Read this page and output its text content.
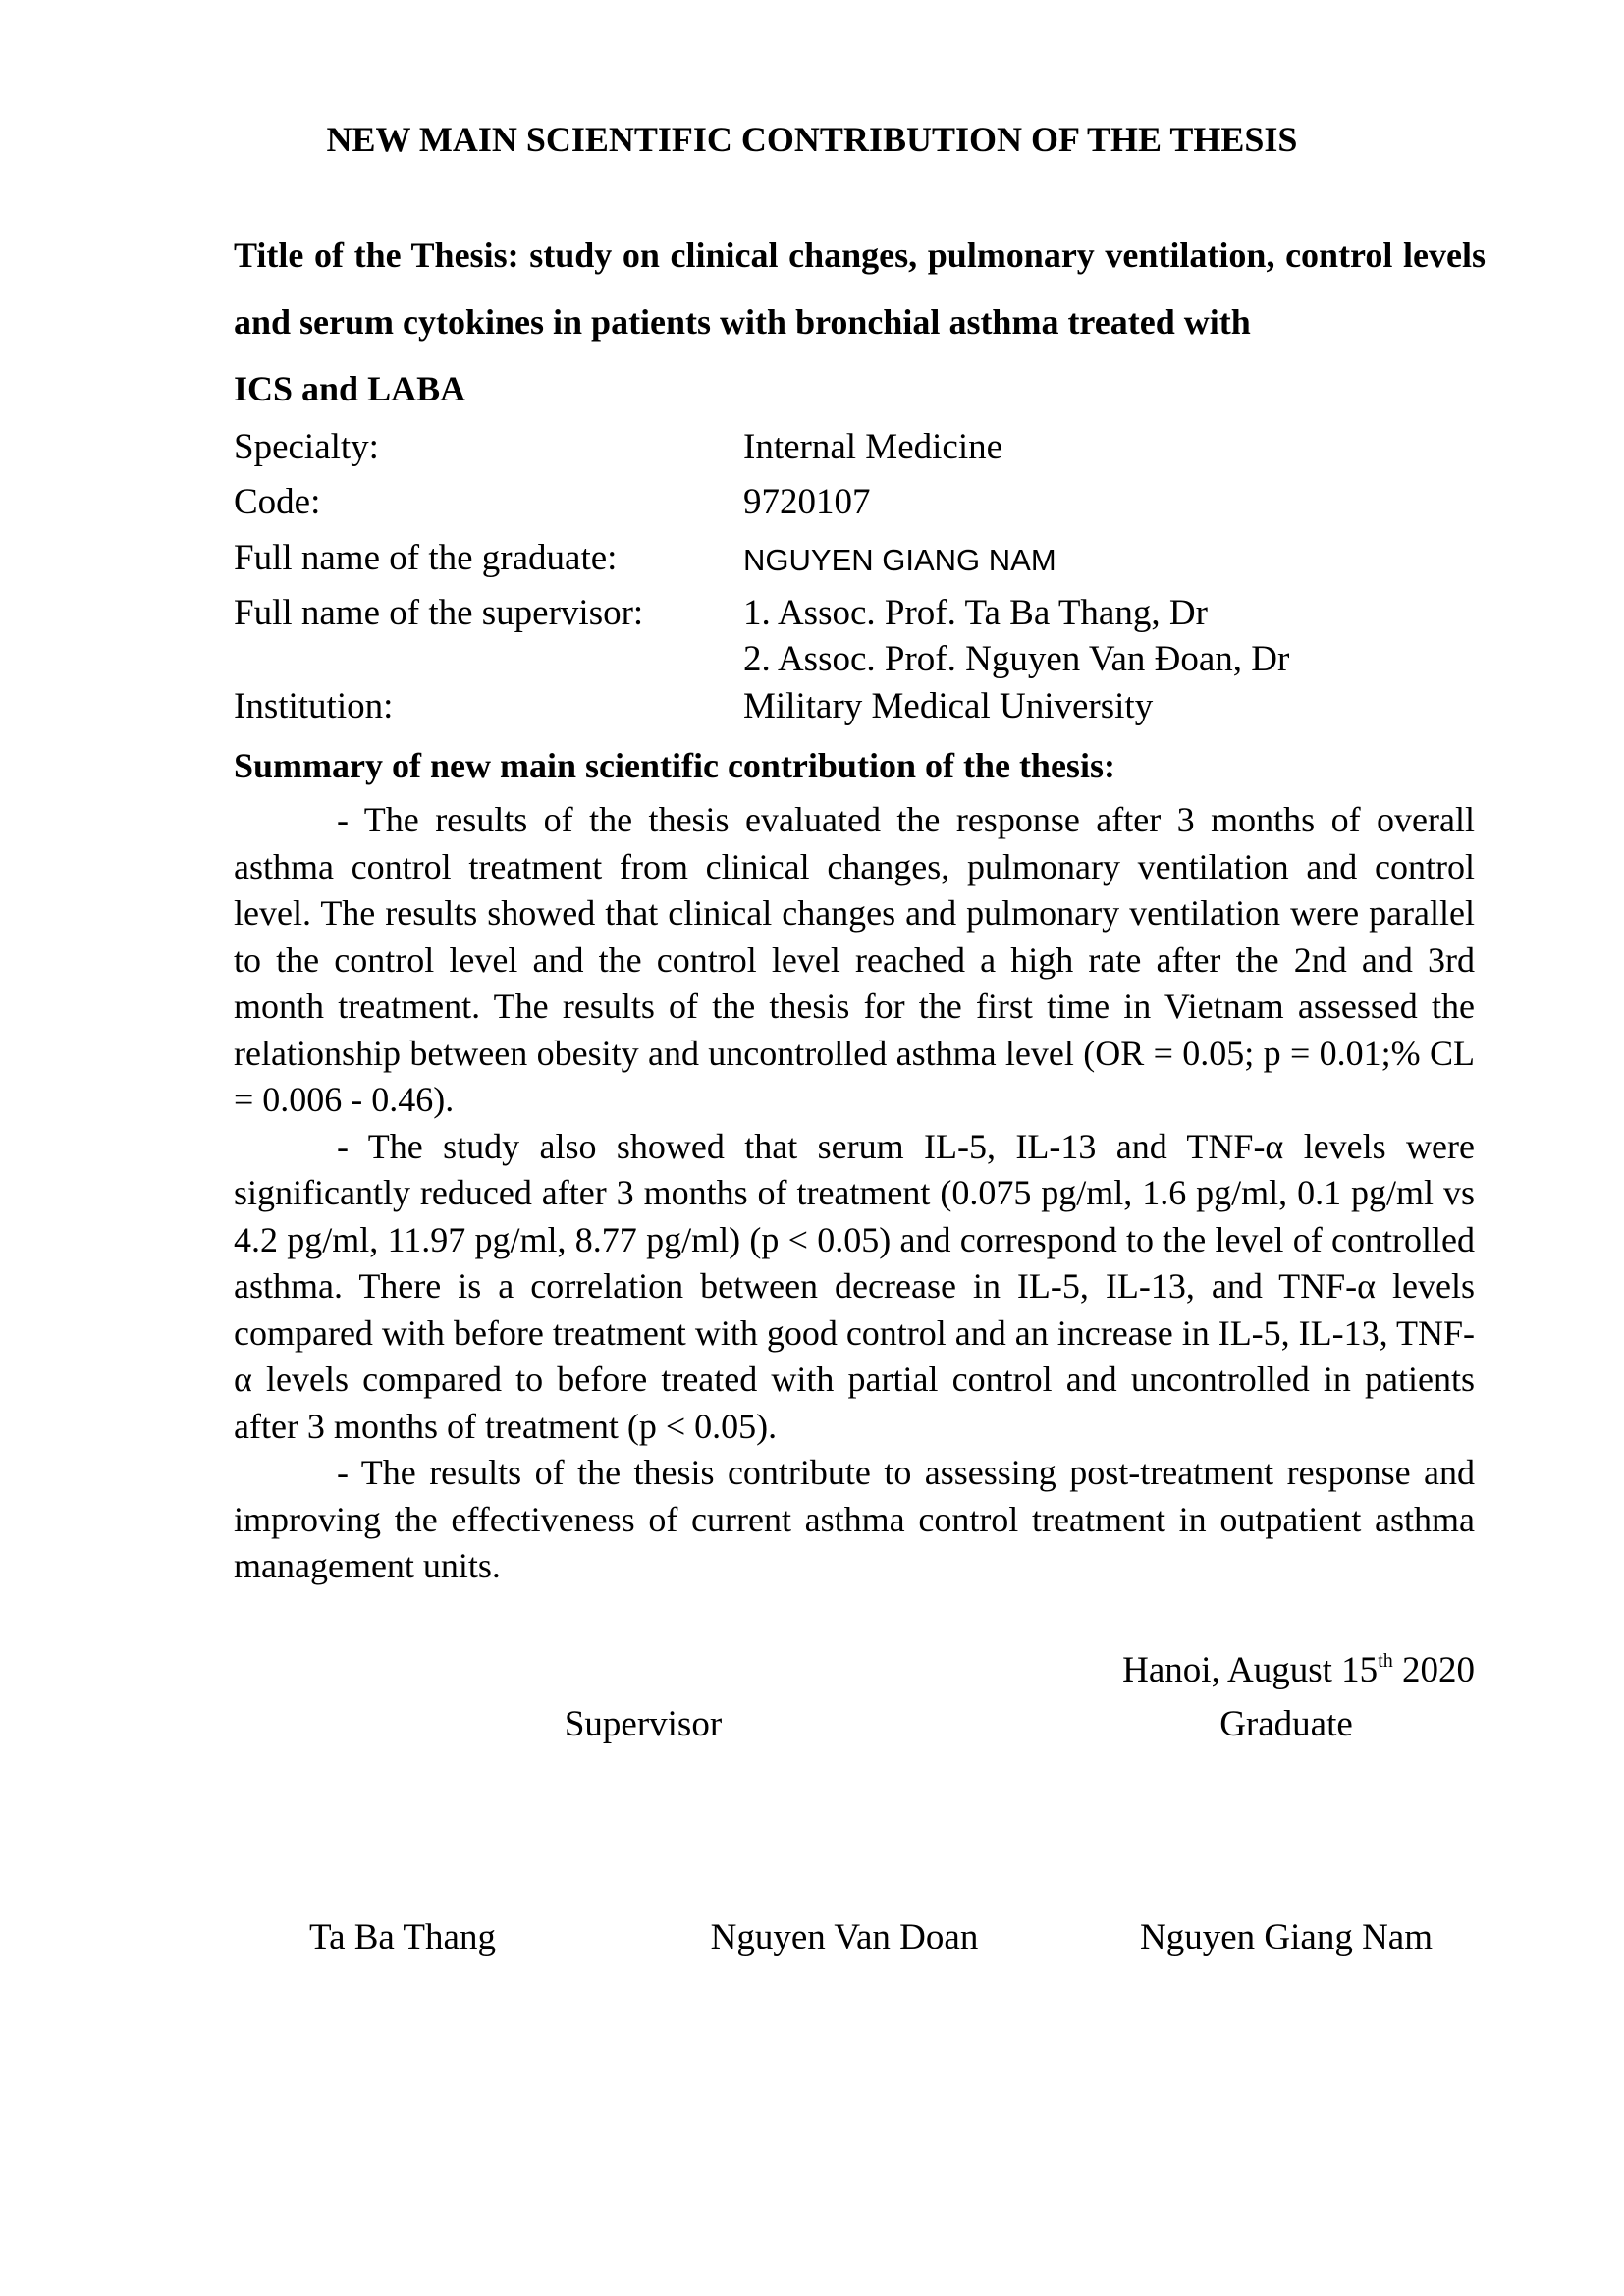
NEW MAIN SCIENTIFIC CONTRIBUTION OF THE THESIS
Title of the Thesis: study on clinical changes, pulmonary ventilation, control levels and serum cytokines in patients with bronchial asthma treated with
ICS and LABA
Specialty:	Internal Medicine
Code:	9720107
Full name of the graduate:	NGUYEN GIANG NAM
Full name of the supervisor:	1. Assoc. Prof. Ta Ba Thang, Dr
2. Assoc. Prof. Nguyen Van Đoan, Dr
Institution:	Military Medical University
Summary of new main scientific contribution of the thesis:

- The results of the thesis evaluated the response after 3 months of overall asthma control treatment from clinical changes, pulmonary ventilation and control level. The results showed that clinical changes and pulmonary ventilation were parallel to the control level and the control level reached a high rate after the 2nd and 3rd month treatment. The results of the thesis for the first time in Vietnam assessed the relationship between obesity and uncontrolled asthma level (OR = 0.05; p = 0.01;% CL = 0.006 - 0.46).

- The study also showed that serum IL-5, IL-13 and TNF-α levels were significantly reduced after 3 months of treatment (0.075 pg/ml, 1.6 pg/ml, 0.1 pg/ml vs 4.2 pg/ml, 11.97 pg/ml, 8.77 pg/ml) (p < 0.05) and correspond to the level of controlled asthma. There is a correlation between decrease in IL-5, IL-13, and TNF-α levels compared with before treatment with good control and an increase in IL-5, IL-13, TNF-α levels compared to before treated with partial control and uncontrolled in patients after 3 months of treatment (p < 0.05).

- The results of the thesis contribute to assessing post-treatment response and improving the effectiveness of current asthma control treatment in outpatient asthma management units.

Hanoi, August 15th 2020
Supervisor	Graduate
Ta Ba Thang	Nguyen Van Doan	Nguyen Giang Nam
